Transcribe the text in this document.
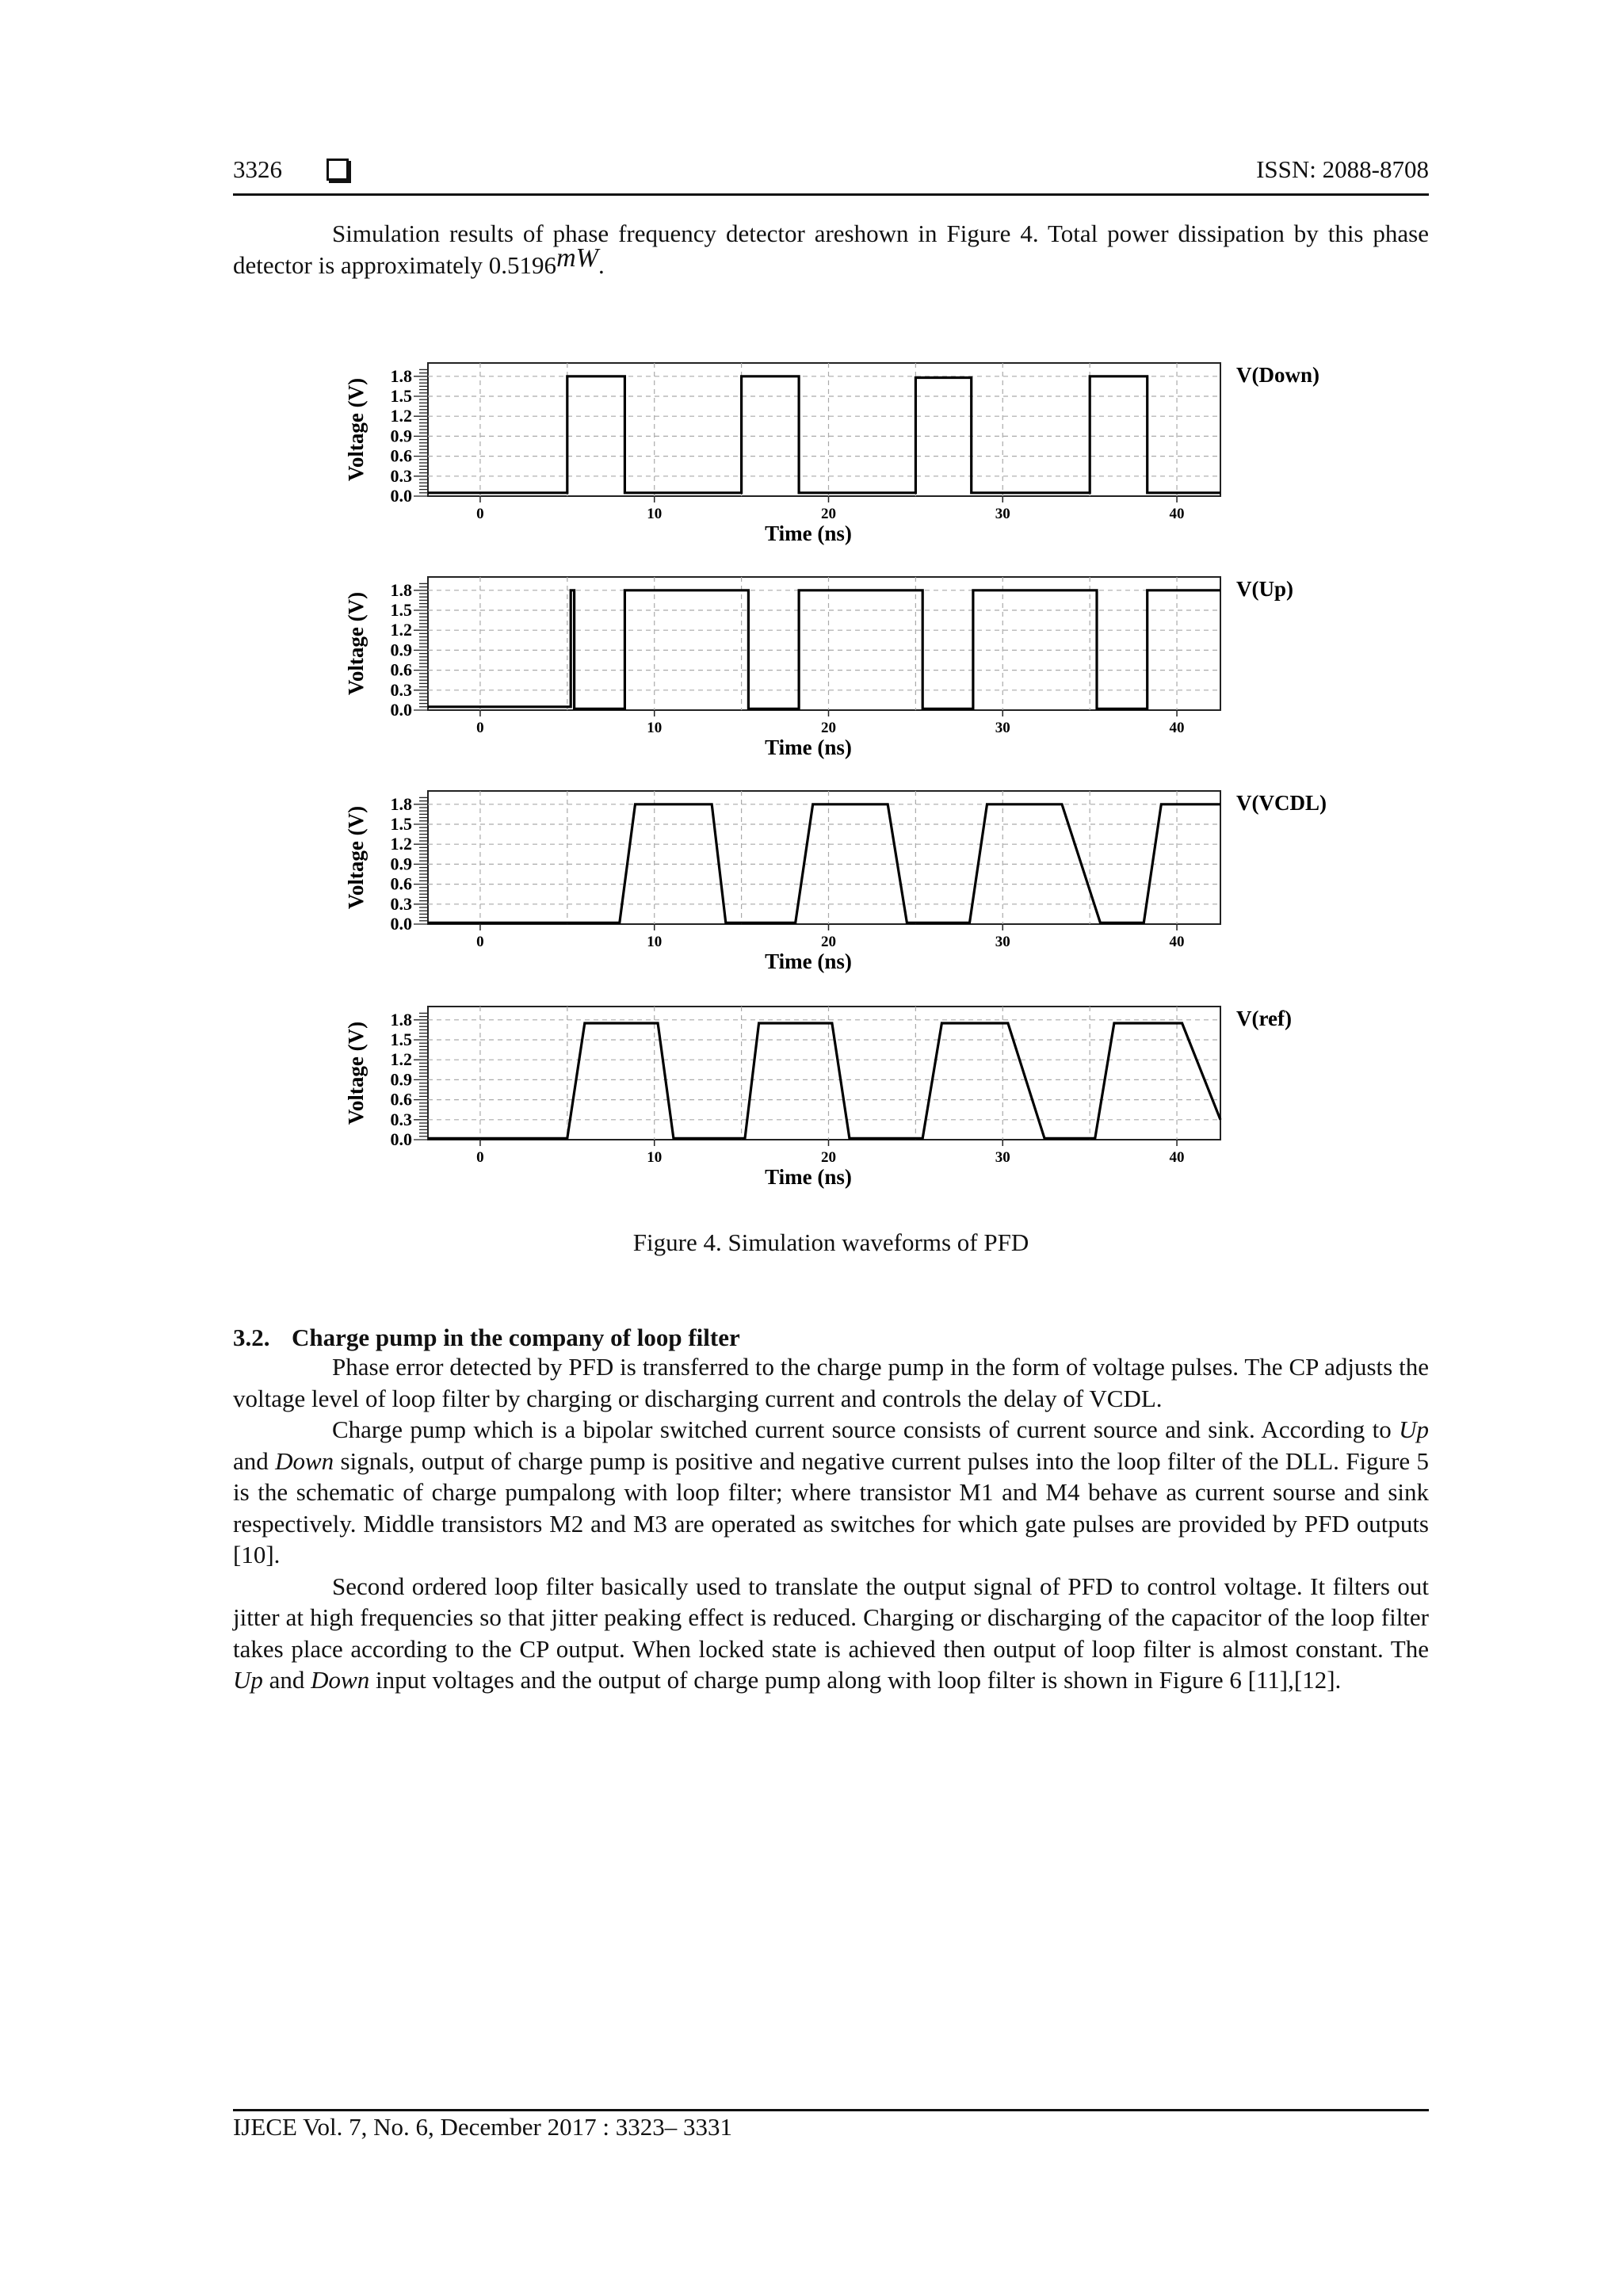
3326	ISSN: 2088-8708

Simulation results of phase frequency detector areshown in Figure 4. Total power dissipation by this phase detector is approximately 0.5196mW.

0.0
0.3
0.6
0.9
1.2
1.5
1.8
0	10	20	30	40
Time (ns)
Voltage (V)
V(Down)
0.0
0.3
0.6
0.9
1.2
1.5
1.8
0	10	20	30	40
Time (ns)
Voltage (V)
V(Up)
0.0
0.3
0.6
0.9
1.2
1.5
1.8
0	10	20	30	40
Time (ns)
Voltage (V)
V(VCDL)
0.0
0.3
0.6
0.9
1.2
1.5
1.8
0	10	20	30	40
Time (ns)
Voltage (V)
V(ref)
Figure 4. Simulation waveforms of PFD
3.2. Charge pump in the company of loop filter

Phase error detected by PFD is transferred to the charge pump in the form of voltage pulses. The CP adjusts the voltage level of loop filter by charging or discharging current and controls the delay of VCDL.

Charge pump which is a bipolar switched current source consists of current source and sink. According to Up and Down signals, output of charge pump is positive and negative current pulses into the loop filter of the DLL. Figure 5 is the schematic of charge pumpalong with loop filter; where transistor M1 and M4 behave as current sourse and sink respectively. Middle transistors M2 and M3 are operated as switches for which gate pulses are provided by PFD outputs [10].

Second ordered loop filter basically used to translate the output signal of PFD to control voltage. It filters out jitter at high frequencies so that jitter peaking effect is reduced. Charging or discharging of the capacitor of the loop filter takes place according to the CP output. When locked state is achieved then output of loop filter is almost constant. The Up and Down input voltages and the output of charge pump along with loop filter is shown in Figure 6 [11],[12].

IJECE Vol. 7, No. 6, December 2017 : 3323– 3331
